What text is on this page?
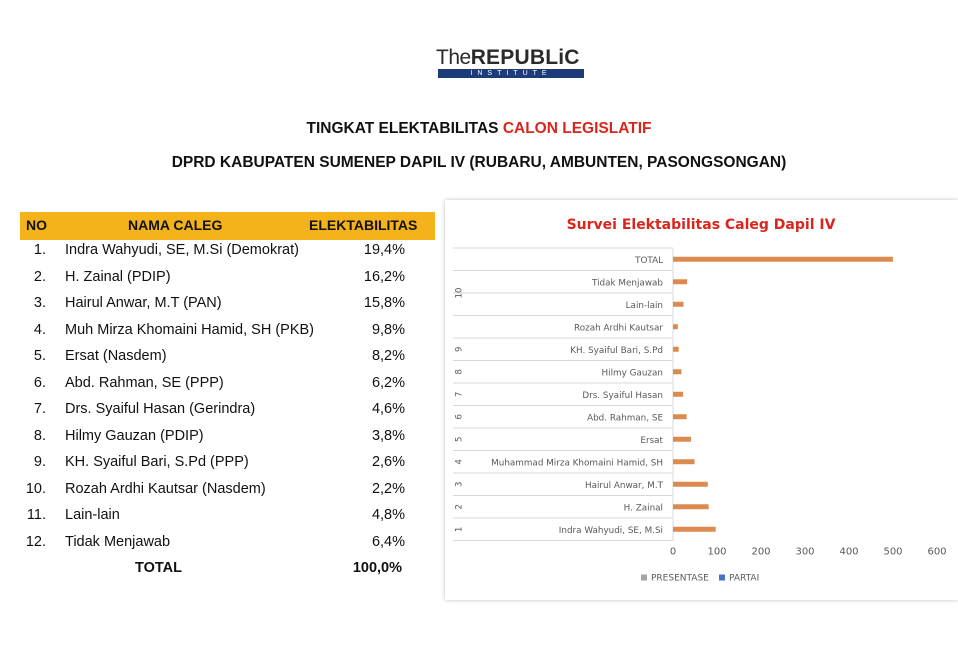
TheREPUBLiC
INSTITUTE
TINGKAT ELEKTABILITAS CALON LEGISLATIF
DPRD KABUPATEN SUMENEP DAPIL IV (RUBARU, AMBUNTEN, PASONGSONGAN)
NO	NAMA CALEG	ELEKTABILITAS
1. Indra Wahyudi, SE, M.Si (Demokrat)	19,4%
2. H. Zainal (PDIP)	16,2%
3. Hairul Anwar, M.T (PAN)	15,8%
4. Muh Mirza Khomaini Hamid, SH (PKB)	9,8%
5. Ersat (Nasdem)	8,2%
6. Abd. Rahman, SE (PPP)	6,2%
7. Drs. Syaiful Hasan (Gerindra)	4,6%
8. Hilmy Gauzan (PDIP)	3,8%
9. KH. Syaiful Bari, S.Pd (PPP)	2,6%
10. Rozah Ardhi Kautsar (Nasdem)	2,2%
11. Lain-lain	4,8%
12. Tidak Menjawab	6,4%
TOTAL	100,0%
Survei Elektabilitas Caleg Dapil IV
1
2
3
4
5
6
7
8
9
10
Indra Wahyudi, SE, M.Si
H. Zainal
Hairul Anwar, M.T
Muhammad Mirza Khomaini Hamid, SH
Ersat
Abd. Rahman, SE
Drs. Syaiful Hasan
Hilmy Gauzan
KH. Syaiful Bari, S.Pd
Rozah Ardhi Kautsar
Lain-lain
Tidak Menjawab
TOTAL
0	100 200 300 400 500 600
PRESENTASE PARTAI
